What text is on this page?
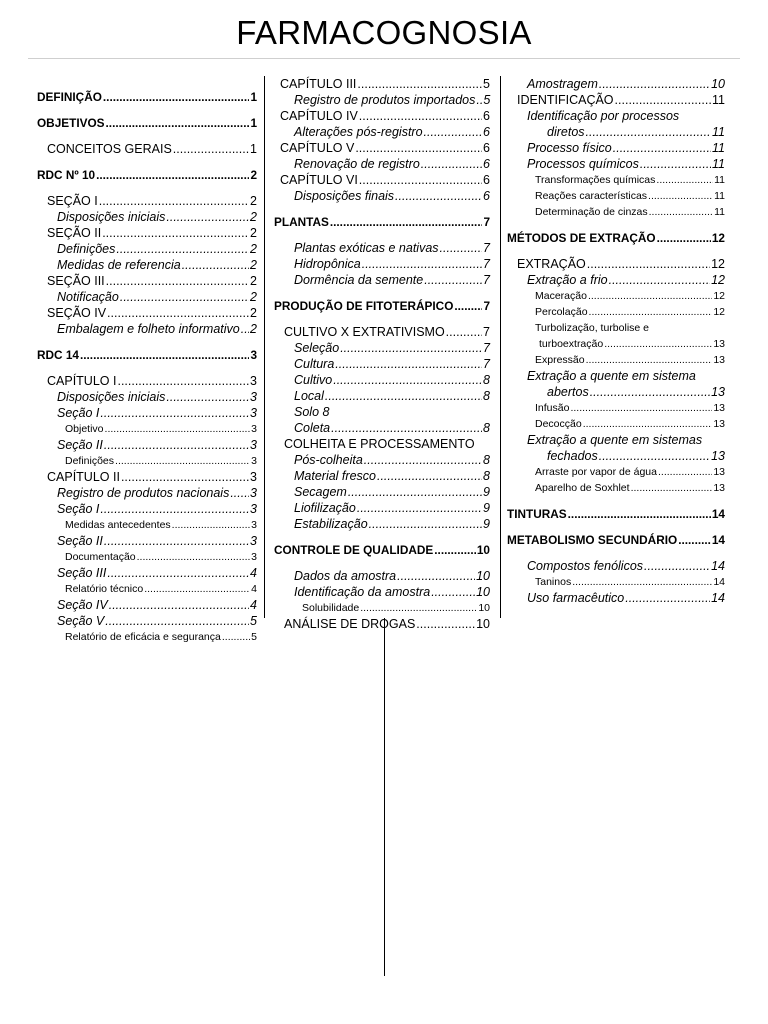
FARMACOGNOSIA
DEFINIÇÃO .....	1
OBJETIVOS .....	1
CONCEITOS GERAIS .....	1
RDC Nº 10 .....	2
SEÇÃO I .....	2
Disposições iniciais .....	2
SEÇÃO II .....	2
Definições .....	2
Medidas de referencia .....	2
SEÇÃO III .....	2
Notificação .....	2
SEÇÃO IV .....	2
Embalagem e folheto informativo ..... 2
RDC 14 .....	3
CAPÍTULO I .....	3
Disposições iniciais .....	3
Seção I .....	3
Objetivo .....	3
Seção II .....	3
Definições .....	3
CAPÍTULO II .....	3
Registro de produtos nacionais ..... 3
Seção I .....	3
Medidas antecedentes .....	3
Seção II .....	3
Documentação .....	3
Seção III .....	4
Relatório técnico .....	4
Seção IV .....	4
Seção V .....	5
Relatório de eficácia e segurança .....	5
CAPÍTULO III .....	5
Registro de produtos importados ..... 5
CAPÍTULO IV .....	6
Alterações pós-registro .....	6
CAPÍTULO V .....	6
Renovação de registro .....	6
CAPÍTULO VI .....	6
Disposições finais .....	6
PLANTAS .....	7
Plantas exóticas e nativas .....	7
Hidropônica .....	7
Dormência da semente .....	7
PRODUÇÃO DE FITOTERÁPICO .....	7
CULTIVO X EXTRATIVISMO .....	7
Seleção .....	7
Cultura .....	7
Cultivo .....	8
Local .....	8
Solo 8
Coleta .....	8
COLHEITA E PROCESSAMENTO
Pós-colheita .....	8
Material fresco .....	8
Secagem .....	9
Liofilização .....	9
Estabilização .....	9
CONTROLE DE QUALIDADE .....	10
Dados da amostra .....	10
Identificação da amostra .....	10
Solubilidade .....	10
ANÁLISE DE DROGAS .....	10
Amostragem .....	10
IDENTIFICAÇÃO .....	11
Identificação por processos
diretos .....	11
Processo físico .....	11
Processos químicos .....	11
Transformações químicas .....	11
Reações características .....	11
Determinação de cinzas .....	11
MÉTODOS DE EXTRAÇÃO .....	12
EXTRAÇÃO .....	12
Extração a frio .....	12
Maceração .....	12
Percolação .....	12
Turbolização, turbolise e
turboextração .....	13
Expressão .....	13
Extração a quente em sistema
abertos .....	13
Infusão .....	13
Decocção .....	13
Extração a quente em sistemas
fechados .....	13
Arraste por vapor de água .....	13
Aparelho de Soxhlet .....	13
TINTURAS .....	14
METABOLISMO SECUNDÁRIO .....	14
Compostos fenólicos .....	14
Taninos .....	14
Uso farmacêutico .....	14
